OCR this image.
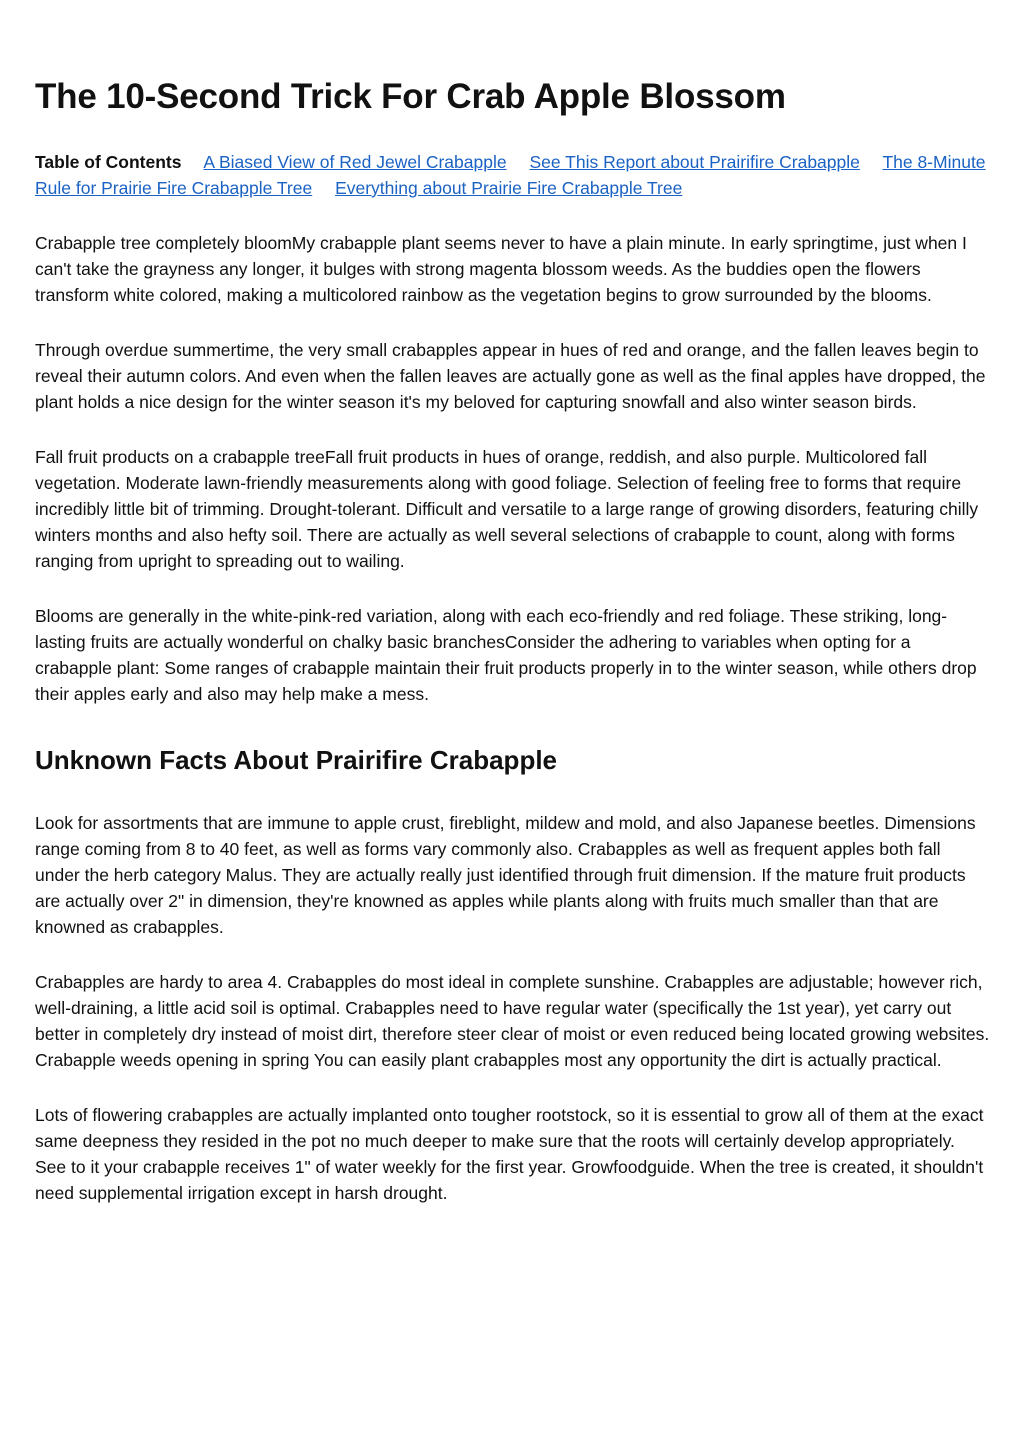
The 10-Second Trick For Crab Apple Blossom
Table of Contents A Biased View of Red Jewel Crabapple See This Report about Prairifire Crabapple The 8-Minute Rule for Prairie Fire Crabapple Tree Everything about Prairie Fire Crabapple Tree

Crabapple tree completely bloomMy crabapple plant seems never to have a plain minute. In early springtime, just when I can't take the grayness any longer, it bulges with strong magenta blossom weeds. As the buddies open the flowers transform white colored, making a multicolored rainbow as the vegetation begins to grow surrounded by the blooms.

Through overdue summertime, the very small crabapples appear in hues of red and orange, and the fallen leaves begin to reveal their autumn colors. And even when the fallen leaves are actually gone as well as the final apples have dropped, the plant holds a nice design for the winter season it's my beloved for capturing snowfall and also winter season birds.

Fall fruit products on a crabapple treeFall fruit products in hues of orange, reddish, and also purple. Multicolored fall vegetation. Moderate lawn-friendly measurements along with good foliage. Selection of feeling free to forms that require incredibly little bit of trimming. Drought-tolerant. Difficult and versatile to a large range of growing disorders, featuring chilly winters months and also hefty soil. There are actually as well several selections of crabapple to count, along with forms ranging from upright to spreading out to wailing.

Blooms are generally in the white-pink-red variation, along with each eco-friendly and red foliage. These striking, long-lasting fruits are actually wonderful on chalky basic branchesConsider the adhering to variables when opting for a crabapple plant: Some ranges of crabapple maintain their fruit products properly in to the winter season, while others drop their apples early and also may help make a mess.

Unknown Facts About Prairifire Crabapple

Look for assortments that are immune to apple crust, fireblight, mildew and mold, and also Japanese beetles. Dimensions range coming from 8 to 40 feet, as well as forms vary commonly also. Crabapples as well as frequent apples both fall under the herb category Malus. They are actually really just identified through fruit dimension. If the mature fruit products are actually over 2" in dimension, they're knowned as apples while plants along with fruits much smaller than that are knowned as crabapples.

Crabapples are hardy to area 4. Crabapples do most ideal in complete sunshine. Crabapples are adjustable; however rich, well-draining, a little acid soil is optimal. Crabapples need to have regular water (specifically the 1st year), yet carry out better in completely dry instead of moist dirt, therefore steer clear of moist or even reduced being located growing websites. Crabapple weeds opening in spring You can easily plant crabapples most any opportunity the dirt is actually practical.

Lots of flowering crabapples are actually implanted onto tougher rootstock, so it is essential to grow all of them at the exact same deepness they resided in the pot no much deeper to make sure that the roots will certainly develop appropriately. See to it your crabapple receives 1" of water weekly for the first year. Growfoodguide. When the tree is created, it shouldn't need supplemental irrigation except in harsh drought.
